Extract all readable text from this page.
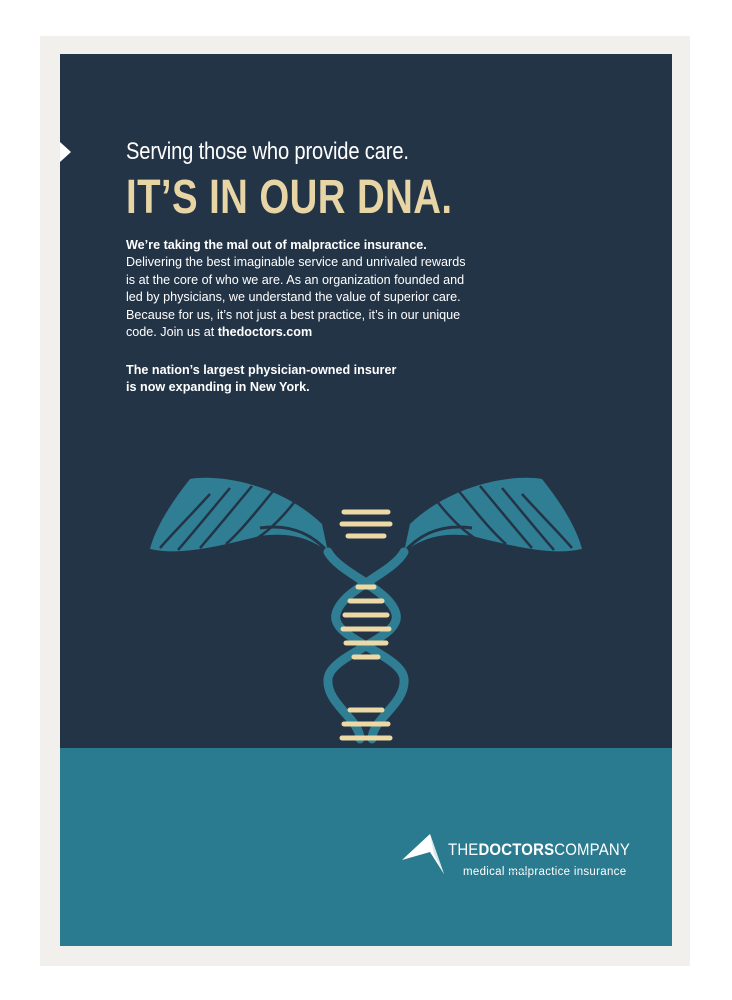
Serving those who provide care.
IT’S IN OUR DNA.
We’re taking the mal out of malpractice insurance.

Delivering the best imaginable service and unrivaled rewards is at the core of who we are. As an organization founded and led by physicians, we understand the value of superior care. Because for us, it’s not just a best practice, it’s in our unique code. Join us at thedoctors.com

The nation’s largest physician-owned insurer
is now expanding in New York.
THEDOCTORSCOMPANY
medical malpractice insurance
